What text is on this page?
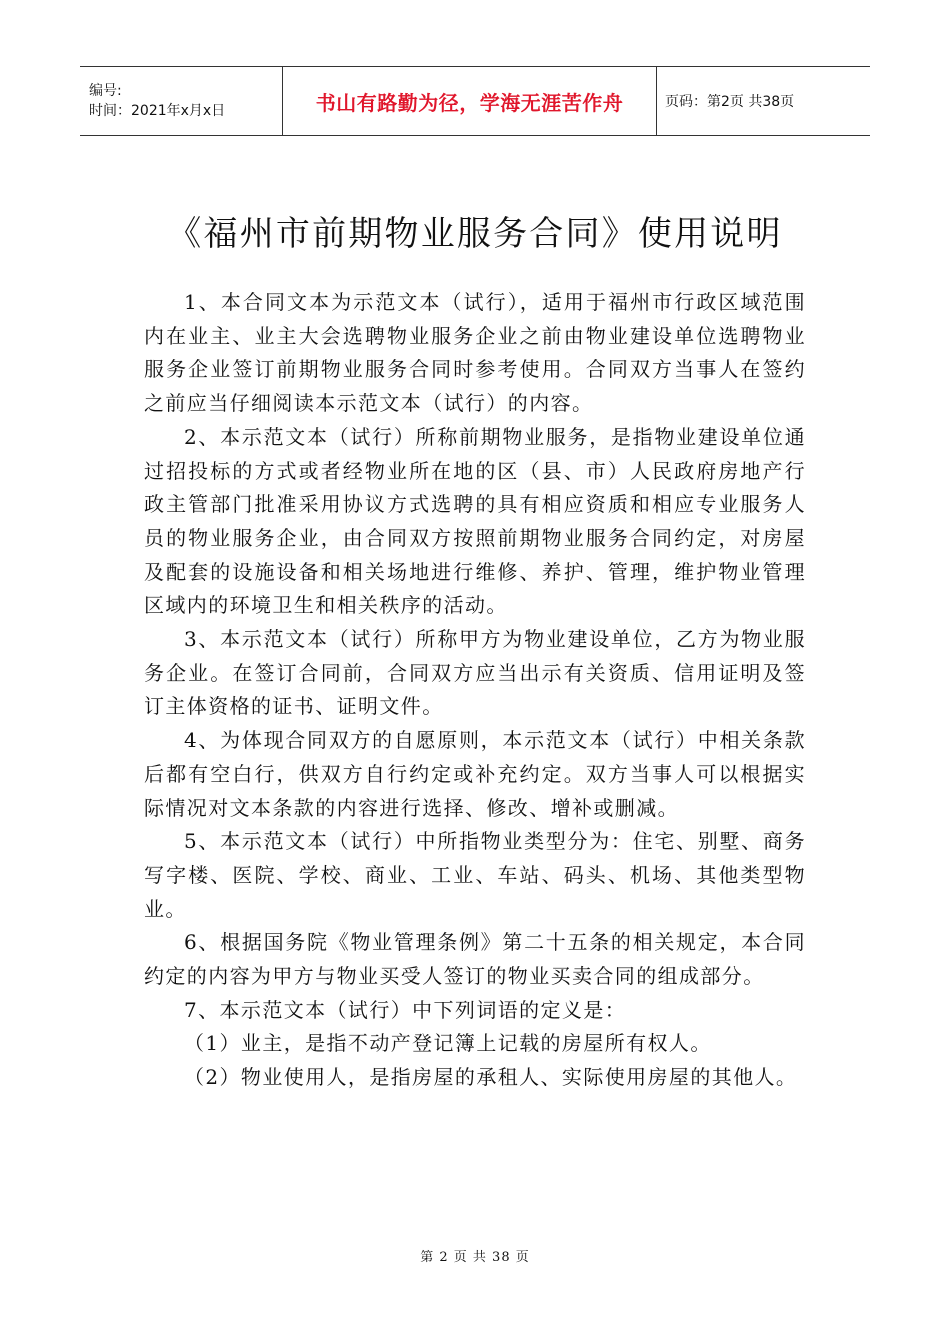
编号:
时间：2021年x月x日	书山有路勤为径，学海无涯苦作舟	页码：第2页 共38页
《福州市前期物业服务合同》使用说明

1、本合同文本为示范文本（试行），适用于福州市行政区域范围内在业主、业主大会选聘物业服务企业之前由物业建设单位选聘物业服务企业签订前期物业服务合同时参考使用。合同双方当事人在签约之前应当仔细阅读本示范文本（试行）的内容。

2、本示范文本（试行）所称前期物业服务，是指物业建设单位通过招投标的方式或者经物业所在地的区（县、市）人民政府房地产行政主管部门批准采用协议方式选聘的具有相应资质和相应专业服务人员的物业服务企业，由合同双方按照前期物业服务合同约定，对房屋及配套的设施设备和相关场地进行维修、养护、管理，维护物业管理区域内的环境卫生和相关秩序的活动。

3、本示范文本（试行）所称甲方为物业建设单位，乙方为物业服务企业。在签订合同前，合同双方应当出示有关资质、信用证明及签订主体资格的证书、证明文件。

4、为体现合同双方的自愿原则，本示范文本（试行）中相关条款后都有空白行，供双方自行约定或补充约定。双方当事人可以根据实际情况对文本条款的内容进行选择、修改、增补或删减。

5、本示范文本（试行）中所指物业类型分为：住宅、别墅、商务写字楼、医院、学校、商业、工业、车站、码头、机场、其他类型物业。

6、根据国务院《物业管理条例》第二十五条的相关规定，本合同约定的内容为甲方与物业买受人签订的物业买卖合同的组成部分。

7、本示范文本（试行）中下列词语的定义是：

（1）业主，是指不动产登记簿上记载的房屋所有权人。

（2）物业使用人，是指房屋的承租人、实际使用房屋的其他人。

第 2 页 共 38 页
